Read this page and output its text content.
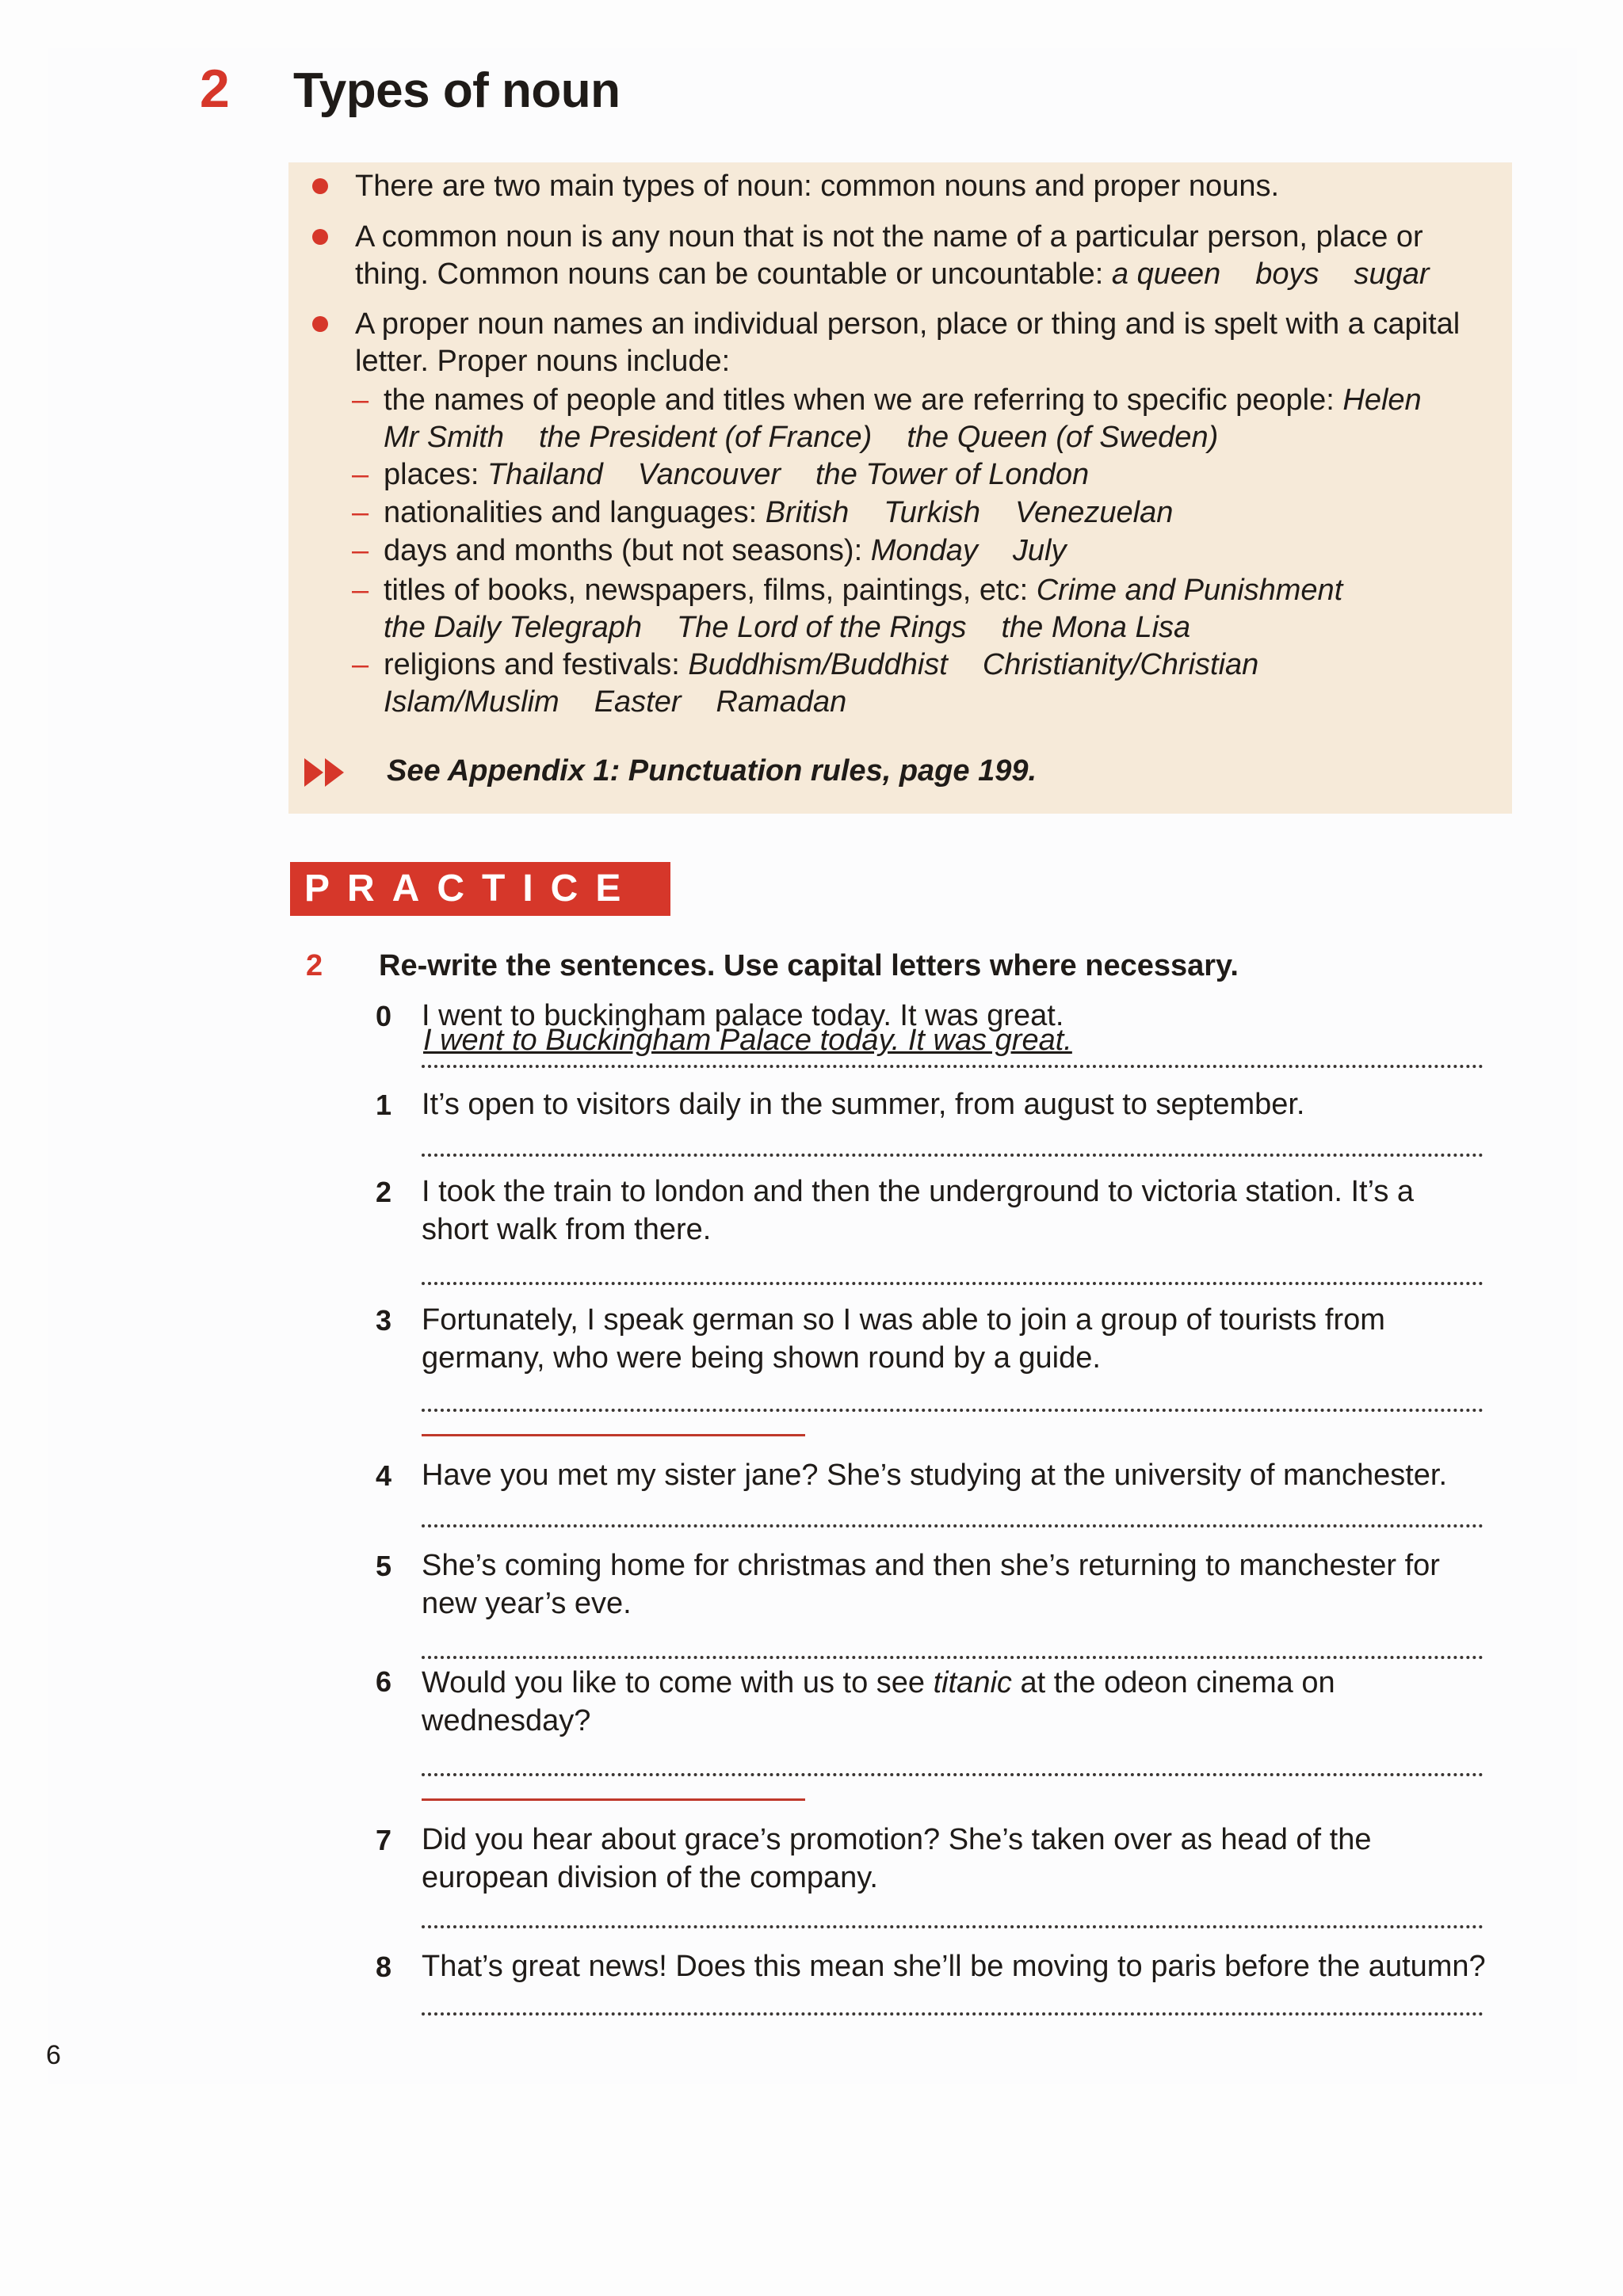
2 Types of noun
There are two main types of noun: common nouns and proper nouns.
A common noun is any noun that is not the name of a particular person, place or
thing. Common nouns can be countable or uncountable: a queen boys sugar
A proper noun names an individual person, place or thing and is spelt with a capital
letter. Proper nouns include:
– the names of people and titles when we are referring to specific people: Helen
Mr Smith the President (of France) the Queen (of Sweden)
– places: Thailand Vancouver the Tower of London
– nationalities and languages: British Turkish Venezuelan
– days and months (but not seasons): Monday July
– titles of books, newspapers, films, paintings, etc: Crime and Punishment
the Daily Telegraph The Lord of the Rings the Mona Lisa
– religions and festivals: Buddhism/Buddhist Christianity/Christian
Islam/Muslim Easter Ramadan
See Appendix 1: Punctuation rules, page 199.
PRACTICE
2 Re-write the sentences. Use capital letters where necessary.
0 I went to buckingham palace today. It was great.
I went to Buckingham Palace today. It was great.
1 It’s open to visitors daily in the summer, from august to september.
2 I took the train to london and then the underground to victoria station. It’s a
short walk from there.
3 Fortunately, I speak german so I was able to join a group of tourists from
germany, who were being shown round by a guide.
4 Have you met my sister jane? She’s studying at the university of manchester.
5 She’s coming home for christmas and then she’s returning to manchester for
new year’s eve.
6 Would you like to come with us to see titanic at the odeon cinema on
wednesday?
7 Did you hear about grace’s promotion? She’s taken over as head of the
european division of the company.
8 That’s great news! Does this mean she’ll be moving to paris before the autumn?
6
